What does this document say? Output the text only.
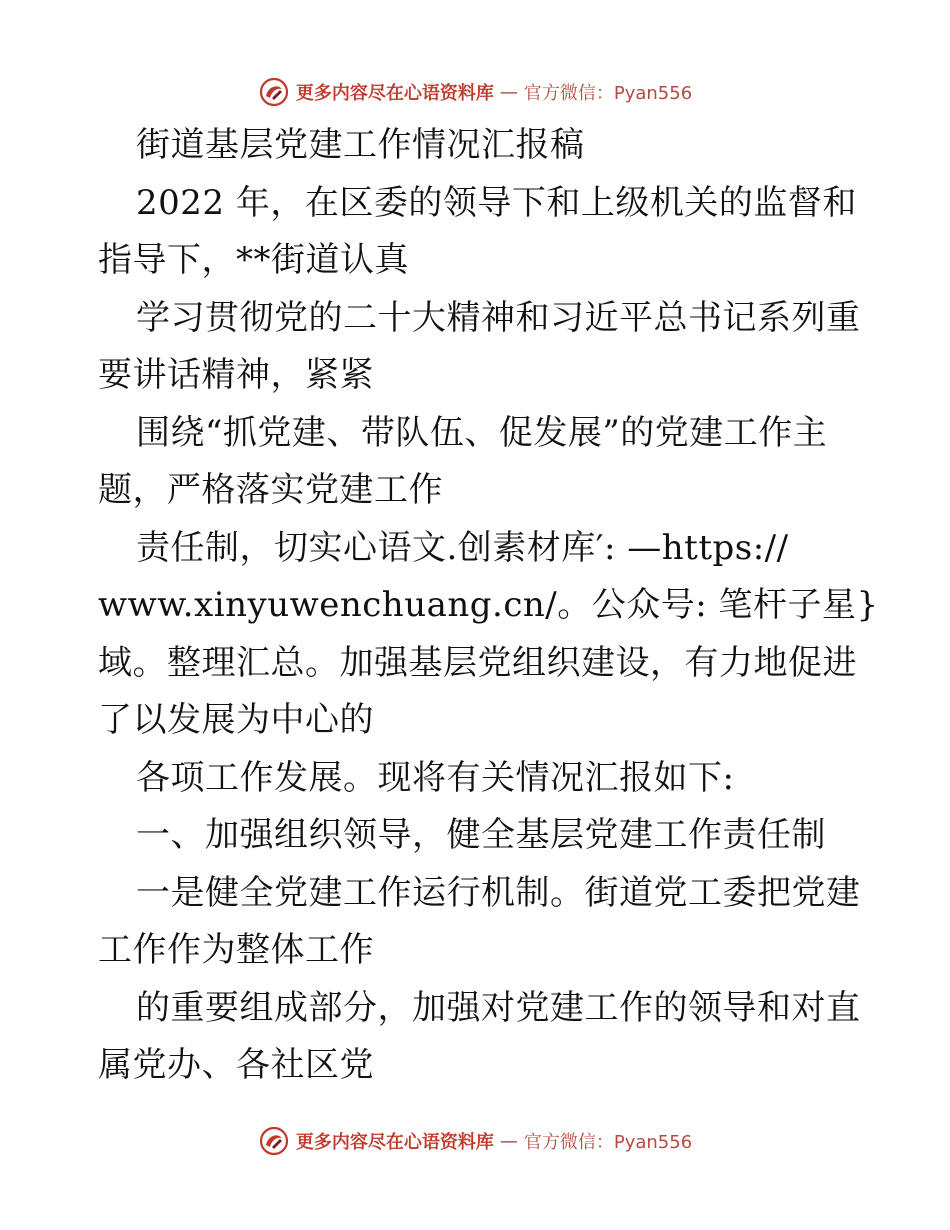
更多内容尽在心语资料库 — 官方微信：Pyan556
街道基层党建工作情况汇报稿
2022 年，在区委的领导下和上级机关的监督和
指导下，**街道认真
学习贯彻党的二十大精神和习近平总书记系列重
要讲话精神，紧紧
围绕“抓党建、带队伍、促发展”的党建工作主
题，严格落实党建工作
责任制，切实心语文.创素材库′: —https://
www.xinyuwenchuang.cn/。公众号: 笔杆子星}
域。整理汇总。加强基层党组织建设，有力地促进
了以发展为中心的
各项工作发展。现将有关情况汇报如下:
一、加强组织领导，健全基层党建工作责任制
一是健全党建工作运行机制。街道党工委把党建
工作作为整体工作
的重要组成部分，加强对党建工作的领导和对直
属党办、各社区党
更多内容尽在心语资料库 — 官方微信：Pyan556
